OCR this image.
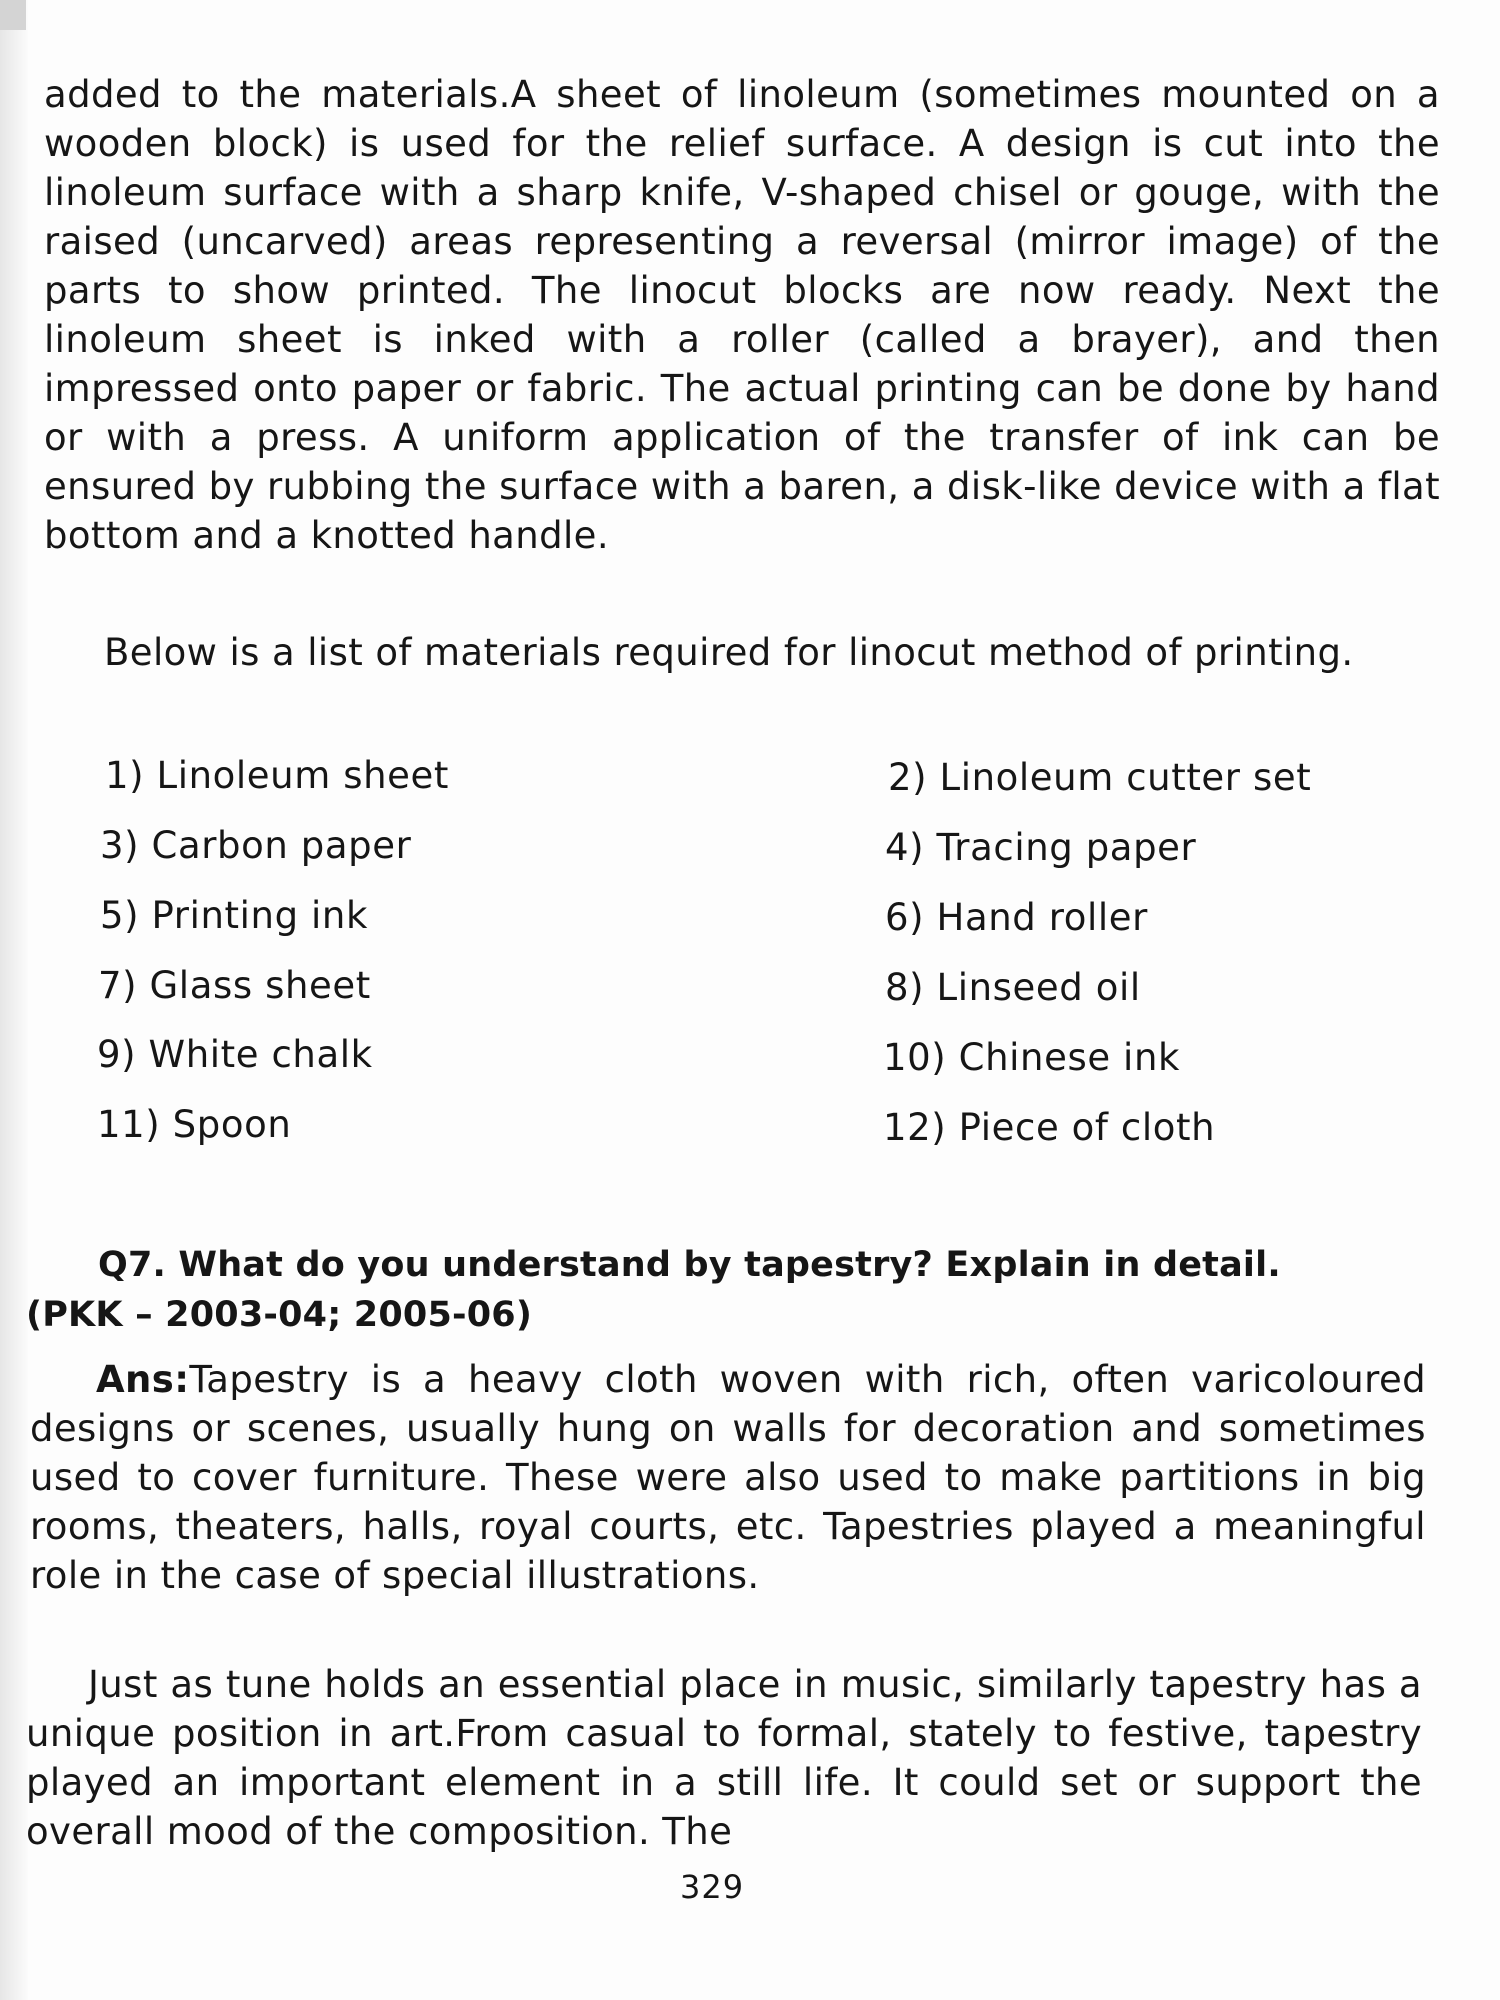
added to the materials.A sheet of linoleum (sometimes mounted on a wooden block) is used for the relief surface. A design is cut into the linoleum surface with a sharp knife, V-shaped chisel or gouge, with the raised (uncarved) areas representing a reversal (mirror image) of the parts to show printed. The linocut blocks are now ready. Next the linoleum sheet is inked with a roller (called a brayer), and then impressed onto paper or fabric. The actual printing can be done by hand or with a press. A uniform application of the transfer of ink can be ensured by rubbing the surface with a baren, a disk-like device with a flat bottom and a knotted handle.

Below is a list of materials required for linocut method of printing.

1) Linoleum sheet	2) Linoleum cutter set
3) Carbon paper	4) Tracing paper
5) Printing ink	6) Hand roller
7) Glass sheet	8) Linseed oil
9) White chalk	10) Chinese ink
11) Spoon	12) Piece of cloth
Q7. What do you understand by tapestry? Explain in detail.
(PKK – 2003-04; 2005-06)

Ans:Tapestry is a heavy cloth woven with rich, often varicoloured designs or scenes, usually hung on walls for decoration and sometimes used to cover furniture. These were also used to make partitions in big rooms, theaters, halls, royal courts, etc. Tapestries played a meaningful role in the case of special illustrations.

Just as tune holds an essential place in music, similarly tapestry has a unique position in art.From casual to formal, stately to festive, tapestry played an important element in a still life. It could set or support the overall mood of the composition. The

329
